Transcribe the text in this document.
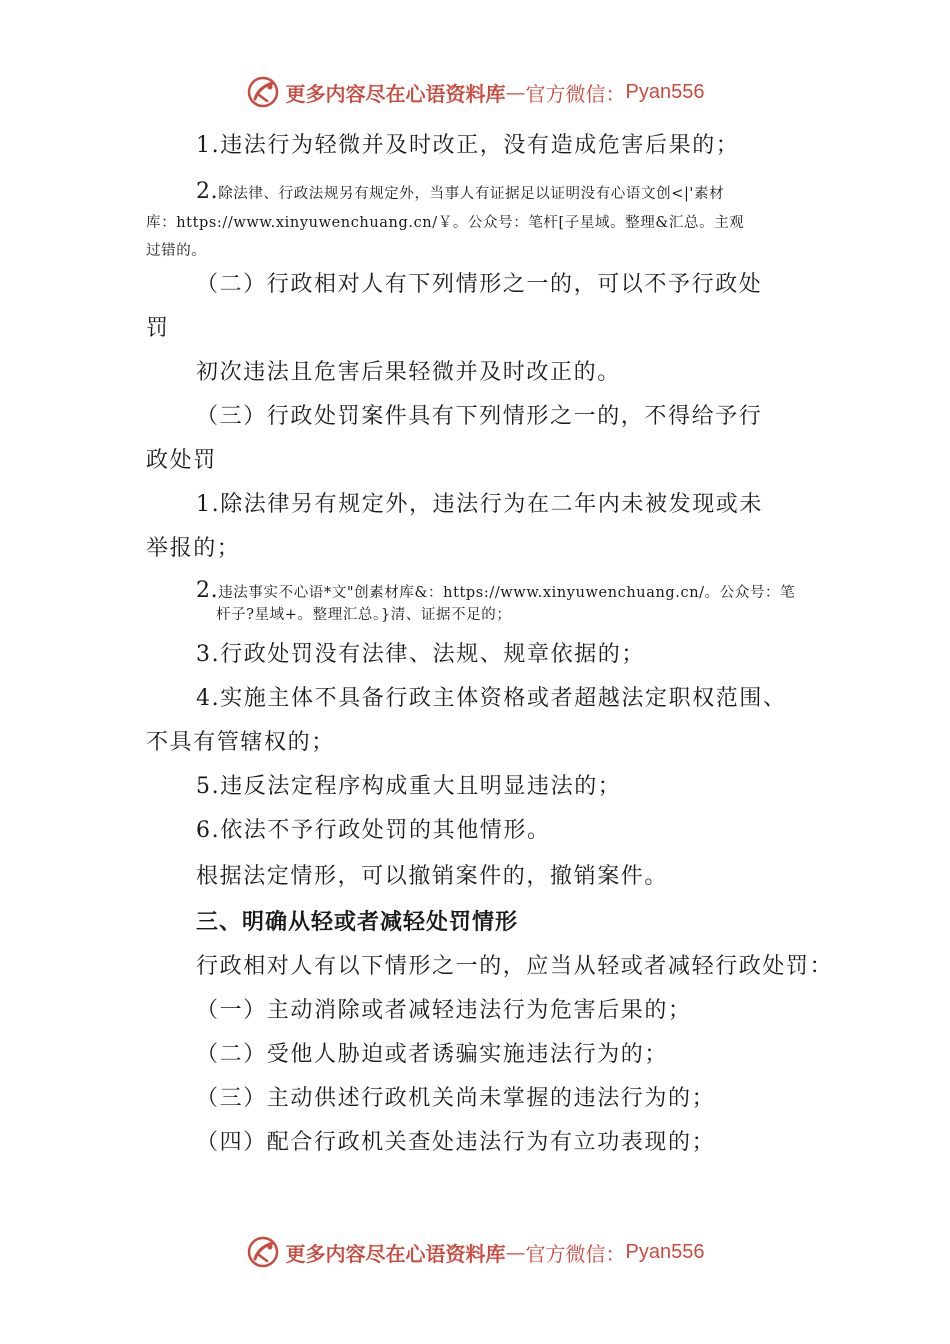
更多内容尽在心语资料库 — 官方微信： Pyan556
1.违法行为轻微并及时改正，没有造成危害后果的；
2.除法律、行政法规另有规定外，当事人有证据足以证明没有心语文创<|'素材
库：https://www.xinyuwenchuang.cn/￥。公众号：笔杆[子星域。整理&汇总。主观
过错的。
（二）行政相对人有下列情形之一的，可以不予行政处
罚
初次违法且危害后果轻微并及时改正的。
（三）行政处罚案件具有下列情形之一的，不得给予行
政处罚
1.除法律另有规定外，违法行为在二年内未被发现或未
举报的；
2.违法事实不心语*文"创素材库&：https://www.xinyuwenchuang.cn/。公众号：笔
杆子?星域+。整理汇总。}清、证据不足的；
3.行政处罚没有法律、法规、规章依据的；
4.实施主体不具备行政主体资格或者超越法定职权范围、
不具有管辖权的；
5.违反法定程序构成重大且明显违法的；
6.依法不予行政处罚的其他情形。
根据法定情形，可以撤销案件的，撤销案件。
三、明确从轻或者减轻处罚情形
行政相对人有以下情形之一的，应当从轻或者减轻行政处罚：
（一）主动消除或者减轻违法行为危害后果的；
（二）受他人胁迫或者诱骗实施违法行为的；
（三）主动供述行政机关尚未掌握的违法行为的；
（四）配合行政机关查处违法行为有立功表现的；
更多内容尽在心语资料库 — 官方微信： Pyan556
